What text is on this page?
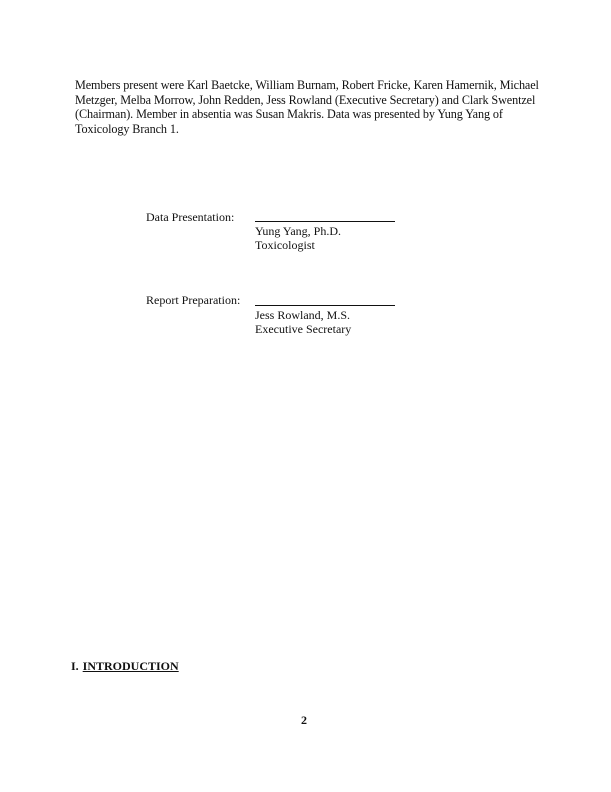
Members present were Karl Baetcke, William Burnam, Robert Fricke, Karen Hamernik, Michael Metzger, Melba Morrow, John Redden, Jess Rowland (Executive Secretary) and Clark Swentzel (Chairman). Member in absentia was Susan Makris. Data was presented by Yung Yang of Toxicology Branch 1.

Data Presentation:
Yung Yang, Ph.D.
Toxicologist
Report Preparation:
Jess Rowland, M.S.
Executive Secretary
I. INTRODUCTION
2
